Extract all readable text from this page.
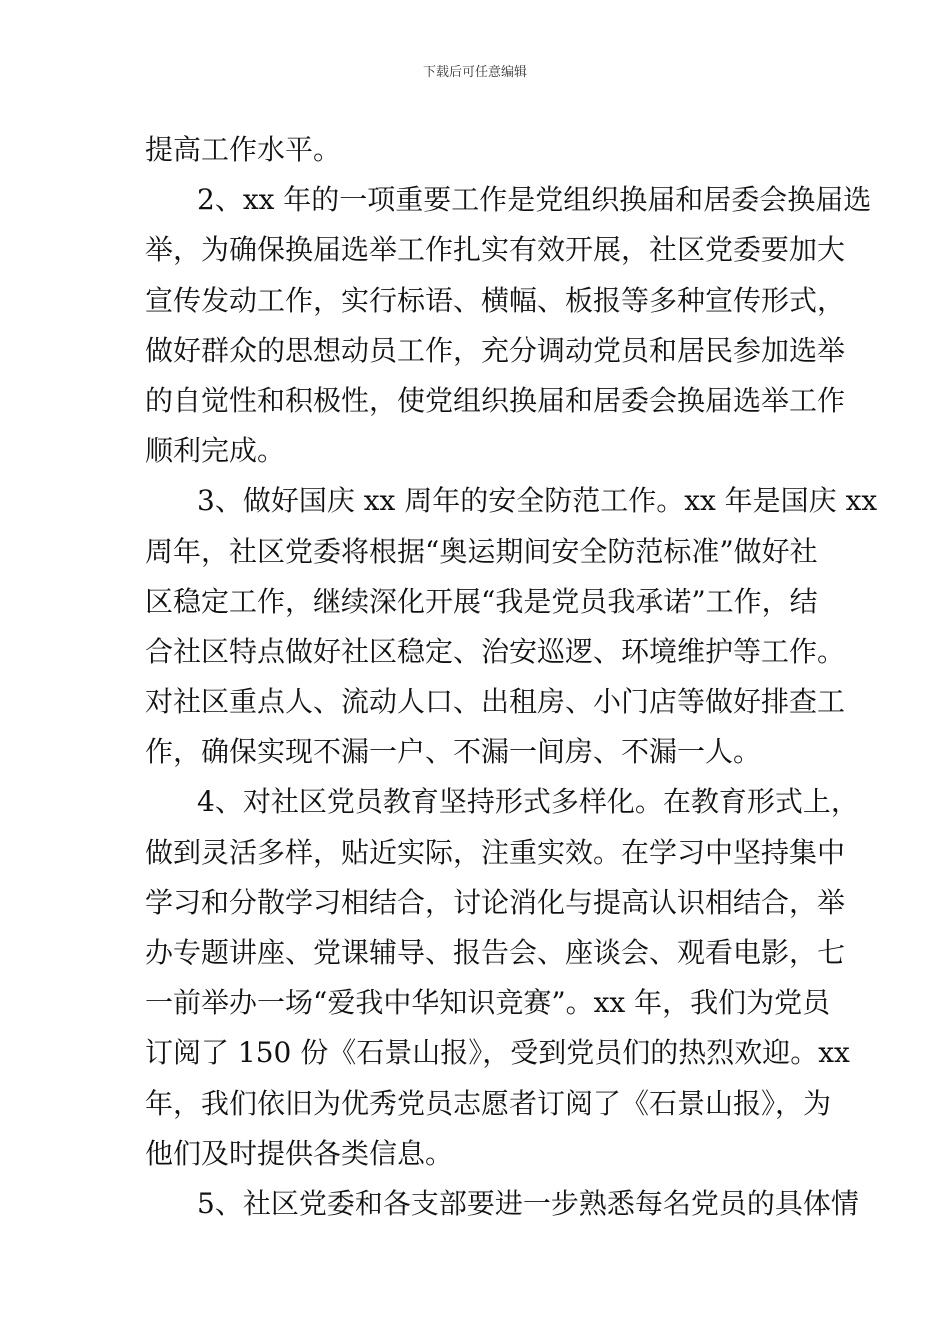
下载后可任意编辑
提高工作水平。
2、xx 年的一项重要工作是党组织换届和居委会换届选
举，为确保换届选举工作扎实有效开展，社区党委要加大
宣传发动工作，实行标语、横幅、板报等多种宣传形式，
做好群众的思想动员工作，充分调动党员和居民参加选举
的自觉性和积极性，使党组织换届和居委会换届选举工作
顺利完成。
3、做好国庆 xx 周年的安全防范工作。xx 年是国庆 xx
周年，社区党委将根据“奥运期间安全防范标准”做好社
区稳定工作，继续深化开展“我是党员我承诺”工作，结
合社区特点做好社区稳定、治安巡逻、环境维护等工作。
对社区重点人、流动人口、出租房、小门店等做好排查工
作，确保实现不漏一户、不漏一间房、不漏一人。
4、对社区党员教育坚持形式多样化。在教育形式上，
做到灵活多样，贴近实际，注重实效。在学习中坚持集中
学习和分散学习相结合，讨论消化与提高认识相结合，举
办专题讲座、党课辅导、报告会、座谈会、观看电影，七
一前举办一场“爱我中华知识竞赛”。xx 年，我们为党员
订阅了 150 份《石景山报》，受到党员们的热烈欢迎。xx
年，我们依旧为优秀党员志愿者订阅了《石景山报》，为
他们及时提供各类信息。
5、社区党委和各支部要进一步熟悉每名党员的具体情
